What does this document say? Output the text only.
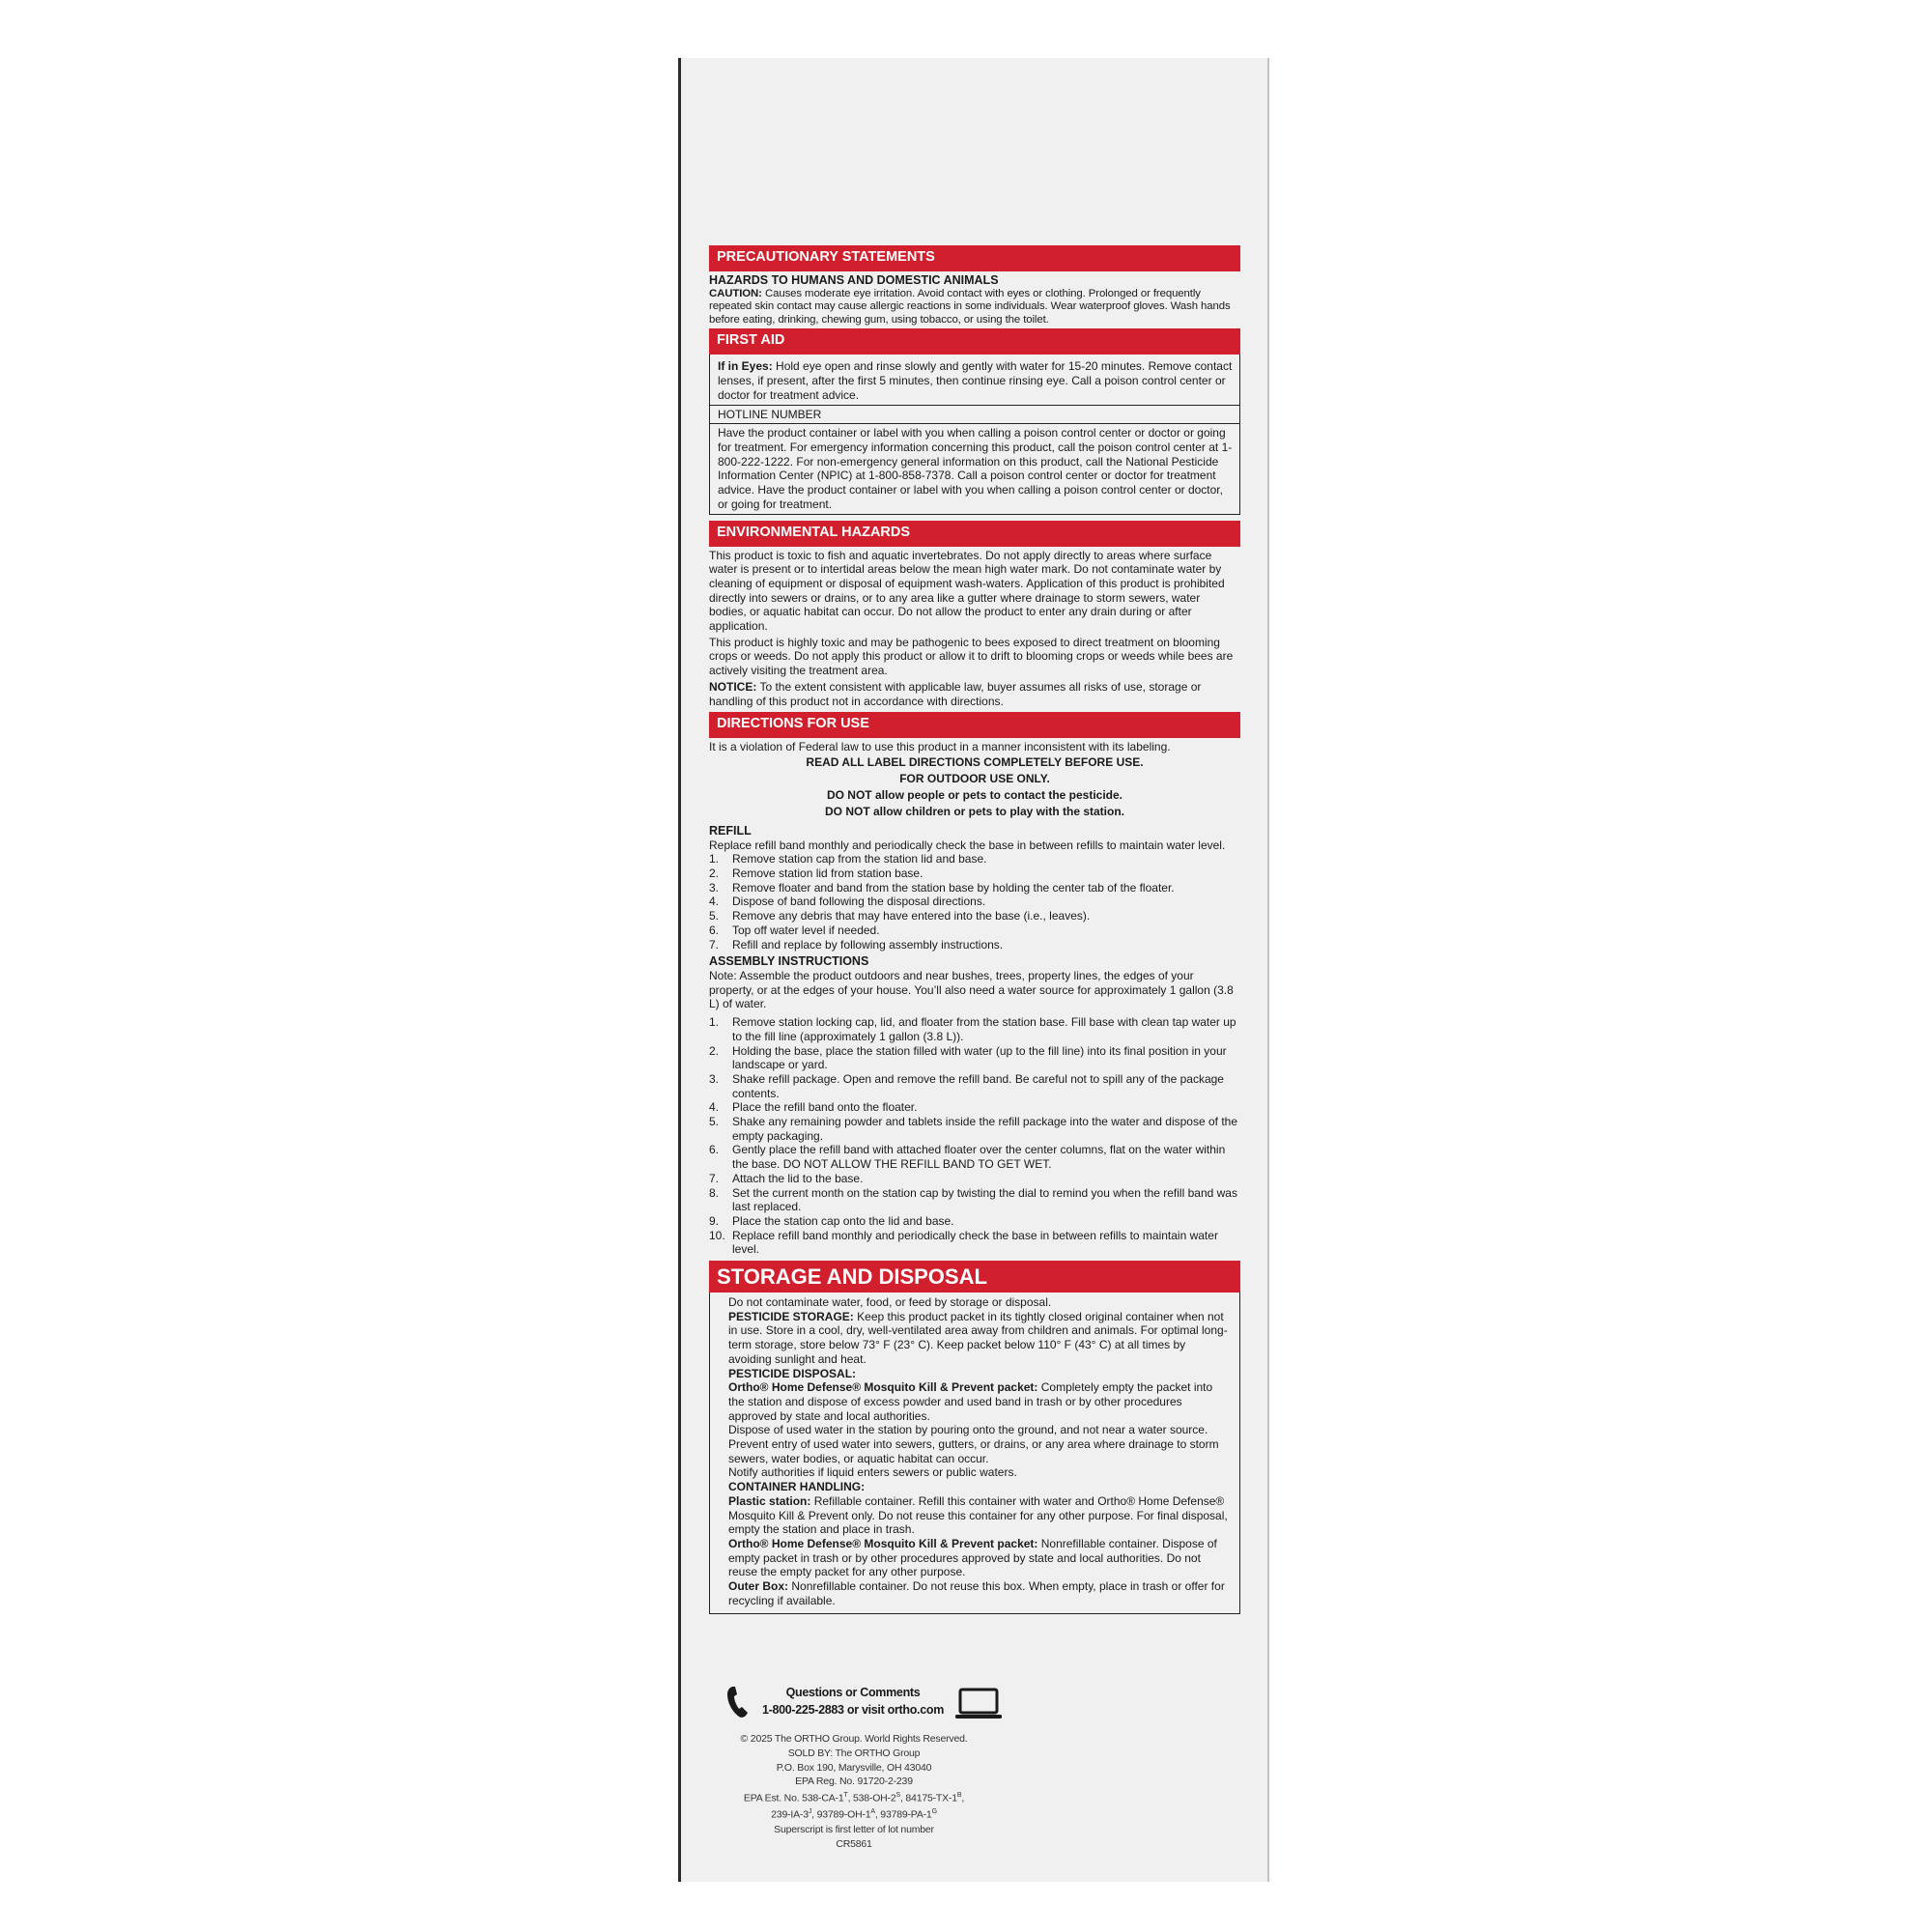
PRECAUTIONARY STATEMENTS

HAZARDS TO HUMANS AND DOMESTIC ANIMALS

CAUTION: Causes moderate eye irritation. Avoid contact with eyes or clothing. Prolonged or frequently repeated skin contact may cause allergic reactions in some individuals. Wear waterproof gloves. Wash hands before eating, drinking, chewing gum, using tobacco, or using the toilet.

FIRST AID
If in Eyes: Hold eye open and rinse slowly and gently with water for 15-20 minutes. Remove contact lenses, if present, after the first 5 minutes, then continue rinsing eye. Call a poison control center or doctor for treatment advice.
HOTLINE NUMBER
Have the product container or label with you when calling a poison control center or doctor or going for treatment. For emergency information concerning this product, call the poison control center at 1-800-222-1222. For non-emergency general information on this product, call the National Pesticide Information Center (NPIC) at 1-800-858-7378. Call a poison control center or doctor for treatment advice. Have the product container or label with you when calling a poison control center or doctor, or going for treatment.
ENVIRONMENTAL HAZARDS

This product is toxic to fish and aquatic invertebrates. Do not apply directly to areas where surface water is present or to intertidal areas below the mean high water mark. Do not contaminate water by cleaning of equipment or disposal of equipment wash-waters. Application of this product is prohibited directly into sewers or drains, or to any area like a gutter where drainage to storm sewers, water bodies, or aquatic habitat can occur. Do not allow the product to enter any drain during or after application.

This product is highly toxic and may be pathogenic to bees exposed to direct treatment on blooming crops or weeds. Do not apply this product or allow it to drift to blooming crops or weeds while bees are actively visiting the treatment area.

NOTICE: To the extent consistent with applicable law, buyer assumes all risks of use, storage or handling of this product not in accordance with directions.

DIRECTIONS FOR USE

It is a violation of Federal law to use this product in a manner inconsistent with its labeling.

READ ALL LABEL DIRECTIONS COMPLETELY BEFORE USE.

FOR OUTDOOR USE ONLY.

DO NOT allow people or pets to contact the pesticide.

DO NOT allow children or pets to play with the station.

REFILL

Replace refill band monthly and periodically check the base in between refills to maintain water level.

1. Remove station cap from the station lid and base.
2. Remove station lid from station base.
3. Remove floater and band from the station base by holding the center tab of the floater.
4. Dispose of band following the disposal directions.
5. Remove any debris that may have entered into the base (i.e., leaves).
6. Top off water level if needed.
7. Refill and replace by following assembly instructions.

ASSEMBLY INSTRUCTIONS

Note: Assemble the product outdoors and near bushes, trees, property lines, the edges of your property, or at the edges of your house. You’ll also need a water source for approximately 1 gallon (3.8 L) of water.

1. Remove station locking cap, lid, and floater from the station base. Fill base with clean tap water up to the fill line (approximately 1 gallon (3.8 L)).
2. Holding the base, place the station filled with water (up to the fill line) into its final position in your landscape or yard.
3. Shake refill package. Open and remove the refill band. Be careful not to spill any of the package contents.
4. Place the refill band onto the floater.
5. Shake any remaining powder and tablets inside the refill package into the water and dispose of the empty packaging.
6. Gently place the refill band with attached floater over the center columns, flat on the water within the base. DO NOT ALLOW THE REFILL BAND TO GET WET.
7. Attach the lid to the base.
8. Set the current month on the station cap by twisting the dial to remind you when the refill band was last replaced.
9. Place the station cap onto the lid and base.
10. Replace refill band monthly and periodically check the base in between refills to maintain water level.
STORAGE AND DISPOSAL

Do not contaminate water, food, or feed by storage or disposal.

PESTICIDE STORAGE: Keep this product packet in its tightly closed original container when not in use. Store in a cool, dry, well-ventilated area away from children and animals. For optimal long-term storage, store below 73° F (23° C). Keep packet below 110° F (43° C) at all times by avoiding sunlight and heat.

PESTICIDE DISPOSAL:

Ortho® Home Defense® Mosquito Kill & Prevent packet: Completely empty the packet into the station and dispose of excess powder and used band in trash or by other procedures approved by state and local authorities.

Dispose of used water in the station by pouring onto the ground, and not near a water source. Prevent entry of used water into sewers, gutters, or drains, or any area where drainage to storm sewers, water bodies, or aquatic habitat can occur.

Notify authorities if liquid enters sewers or public waters.

CONTAINER HANDLING:

Plastic station: Refillable container. Refill this container with water and Ortho® Home Defense® Mosquito Kill & Prevent only. Do not reuse this container for any other purpose. For final disposal, empty the station and place in trash.

Ortho® Home Defense® Mosquito Kill & Prevent packet: Nonrefillable container. Dispose of empty packet in trash or by other procedures approved by state and local authorities. Do not reuse the empty packet for any other purpose.

Outer Box: Nonrefillable container. Do not reuse this box. When empty, place in trash or offer for recycling if available.

Questions or Comments
1-800-225-2883 or visit ortho.com
© 2025 The ORTHO Group. World Rights Reserved.
SOLD BY: The ORTHO Group
P.O. Box 190, Marysville, OH 43040
EPA Reg. No. 91720-2-239
EPA Est. No. $538-CA-1^T$, $538-OH-2^S$, $84175-TX-1^B$,
$239-IA-3^J$, $93789-OH-1^A$, $93789-PA-1^G$
Superscript is first letter of lot number
CR5861
